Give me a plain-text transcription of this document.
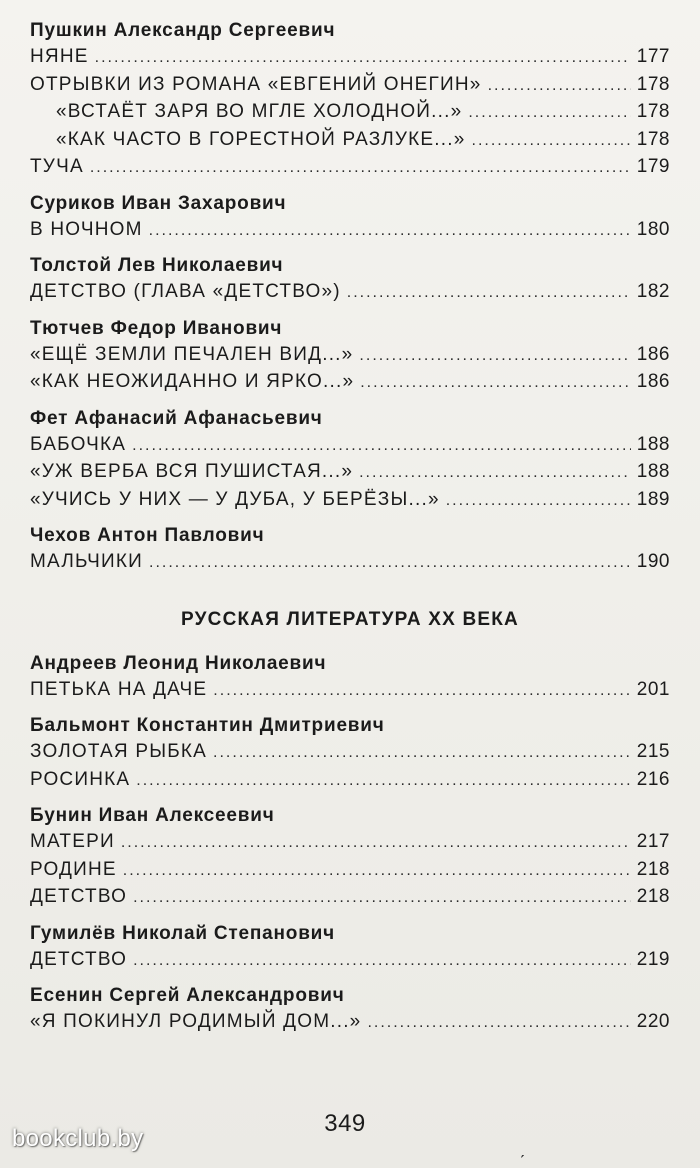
Пушкин Александр Сергеевич
НЯНЕ .....	177
ОТРЫВКИ ИЗ РОМАНА «ЕВГЕНИЙ ОНЕГИН» .....	178
«ВСТАЁТ ЗАРЯ ВО МГЛЕ ХОЛОДНОЙ...» .....	178
«КАК ЧАСТО В ГОРЕСТНОЙ РАЗЛУКЕ...» .....	178
ТУЧА .....	179
Суриков Иван Захарович
В НОЧНОМ .....	180
Толстой Лев Николаевич
ДЕТСТВО (ГЛАВА «ДЕТСТВО») .....	182
Тютчев Федор Иванович
«ЕЩЁ ЗЕМЛИ ПЕЧАЛЕН ВИД...» .....	186
«КАК НЕОЖИДАННО И ЯРКО...» .....	186
Фет Афанасий Афанасьевич
БАБОЧКА .....	188
«УЖ ВЕРБА ВСЯ ПУШИСТАЯ...» .....	188
«УЧИСЬ У НИХ — У ДУБА, У БЕРЁЗЫ...» .....	189
Чехов Антон Павлович
МАЛЬЧИКИ .....	190
РУССКАЯ ЛИТЕРАТУРА XX ВЕКА
Андреев Леонид Николаевич
ПЕТЬКА НА ДАЧЕ .....	201
Бальмонт Константин Дмитриевич
ЗОЛОТАЯ РЫБКА .....	215
РОСИНКА .....	216
Бунин Иван Алексеевич
МАТЕРИ .....	217
РОДИНЕ .....	218
ДЕТСТВО .....	218
Гумилёв Николай Степанович
ДЕТСТВО .....	219
Есенин Сергей Александрович
«Я ПОКИНУЛ РОДИМЫЙ ДОМ...» .....	220
349
bookclub.by	ˏ
